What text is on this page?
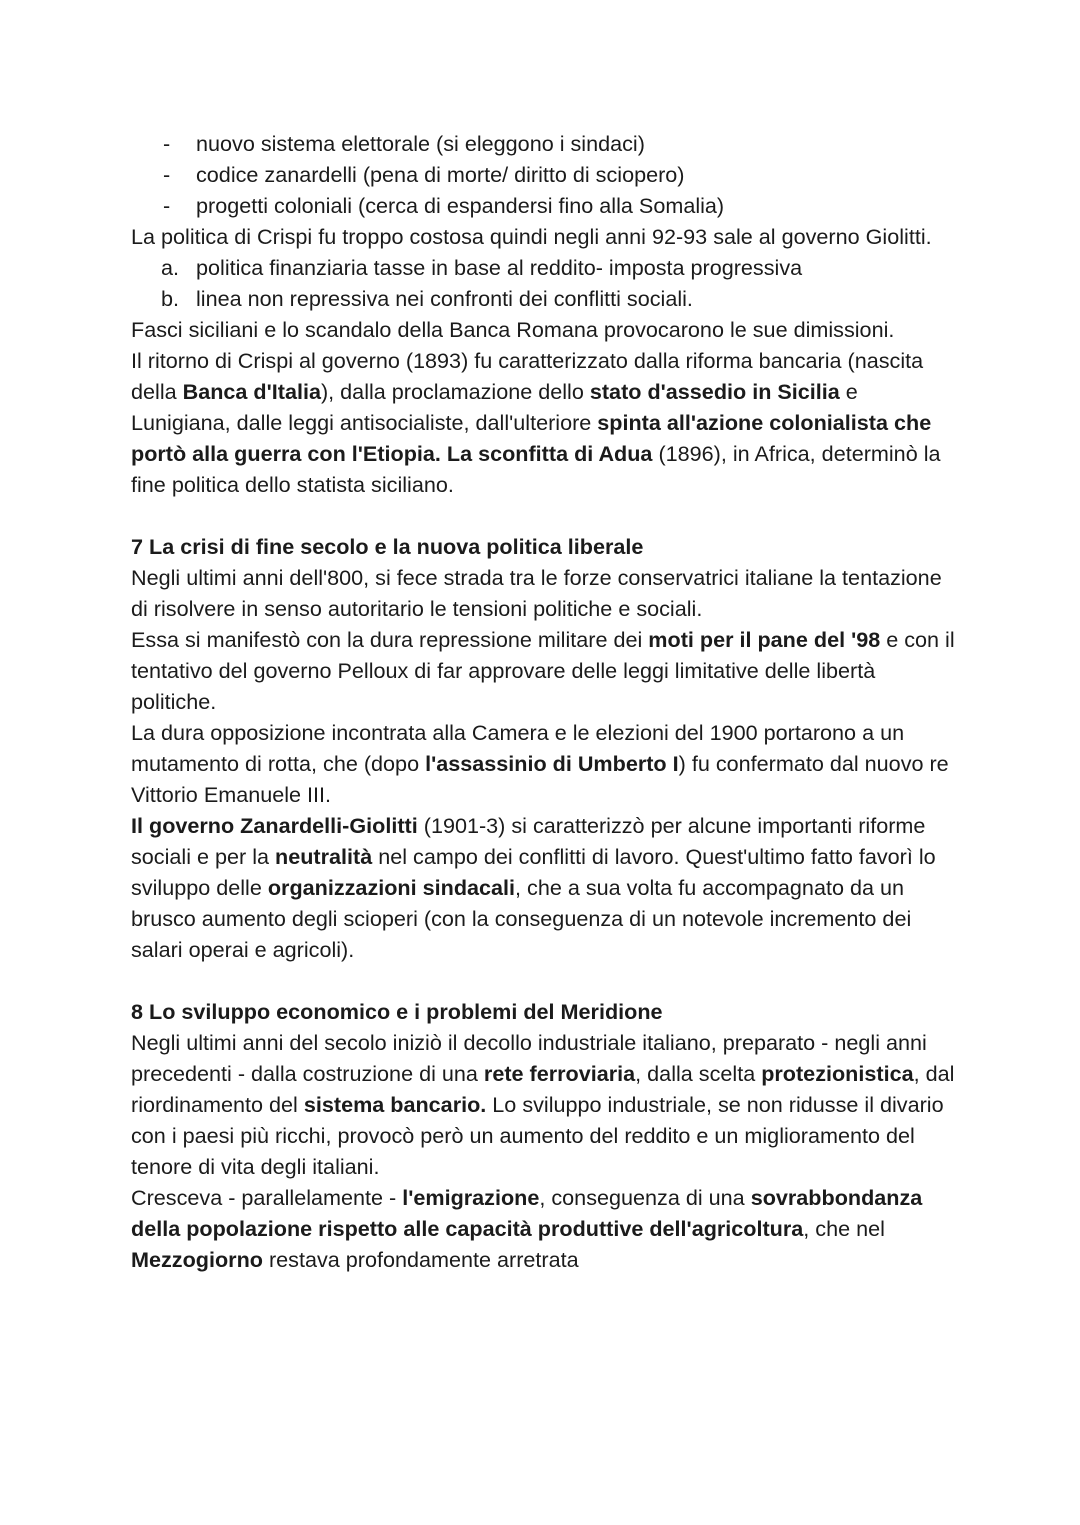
- nuovo sistema elettorale (si eleggono i sindaci)
- codice zanardelli (pena di morte/ diritto di sciopero)
- progetti coloniali (cerca di espandersi fino alla Somalia)

La politica di Crispi fu troppo costosa quindi negli anni 92-93 sale al governo Giolitti.

a. politica finanziaria tasse in base al reddito- imposta progressiva
b. linea non repressiva nei confronti dei conflitti sociali.

Fasci siciliani e lo scandalo della Banca Romana provocarono le sue dimissioni.

Il ritorno di Crispi al governo (1893) fu caratterizzato dalla riforma bancaria (nascita della Banca d'Italia), dalla proclamazione dello stato d'assedio in Sicilia e Lunigiana, dalle leggi antisocialiste, dall'ulteriore spinta all'azione colonialista che portò alla guerra con l'Etiopia. La sconfitta di Adua (1896), in Africa, determinò la fine politica dello statista siciliano.

7 La crisi di fine secolo e la nuova politica liberale

Negli ultimi anni dell'800, si fece strada tra le forze conservatrici italiane la tentazione di risolvere in senso autoritario le tensioni politiche e sociali.

Essa si manifestò con la dura repressione militare dei moti per il pane del '98 e con il tentativo del governo Pelloux di far approvare delle leggi limitative delle libertà politiche.

La dura opposizione incontrata alla Camera e le elezioni del 1900 portarono a un mutamento di rotta, che (dopo l'assassinio di Umberto I) fu confermato dal nuovo re Vittorio Emanuele III.

Il governo Zanardelli-Giolitti (1901-3) si caratterizzò per alcune importanti riforme sociali e per la neutralità nel campo dei conflitti di lavoro. Quest'ultimo fatto favorì lo sviluppo delle organizzazioni sindacali, che a sua volta fu accompagnato da un brusco aumento degli scioperi (con la conseguenza di un notevole incremento dei salari operai e agricoli).

8 Lo sviluppo economico e i problemi del Meridione

Negli ultimi anni del secolo iniziò il decollo industriale italiano, preparato - negli anni precedenti - dalla costruzione di una rete ferroviaria, dalla scelta protezionistica, dal riordinamento del sistema bancario. Lo sviluppo industriale, se non ridusse il divario con i paesi più ricchi, provocò però un aumento del reddito e un miglioramento del tenore di vita degli italiani.

Cresceva - parallelamente - l'emigrazione, conseguenza di una sovrabbondanza della popolazione rispetto alle capacità produttive dell'agricoltura, che nel Mezzogiorno restava profondamente arretrata
